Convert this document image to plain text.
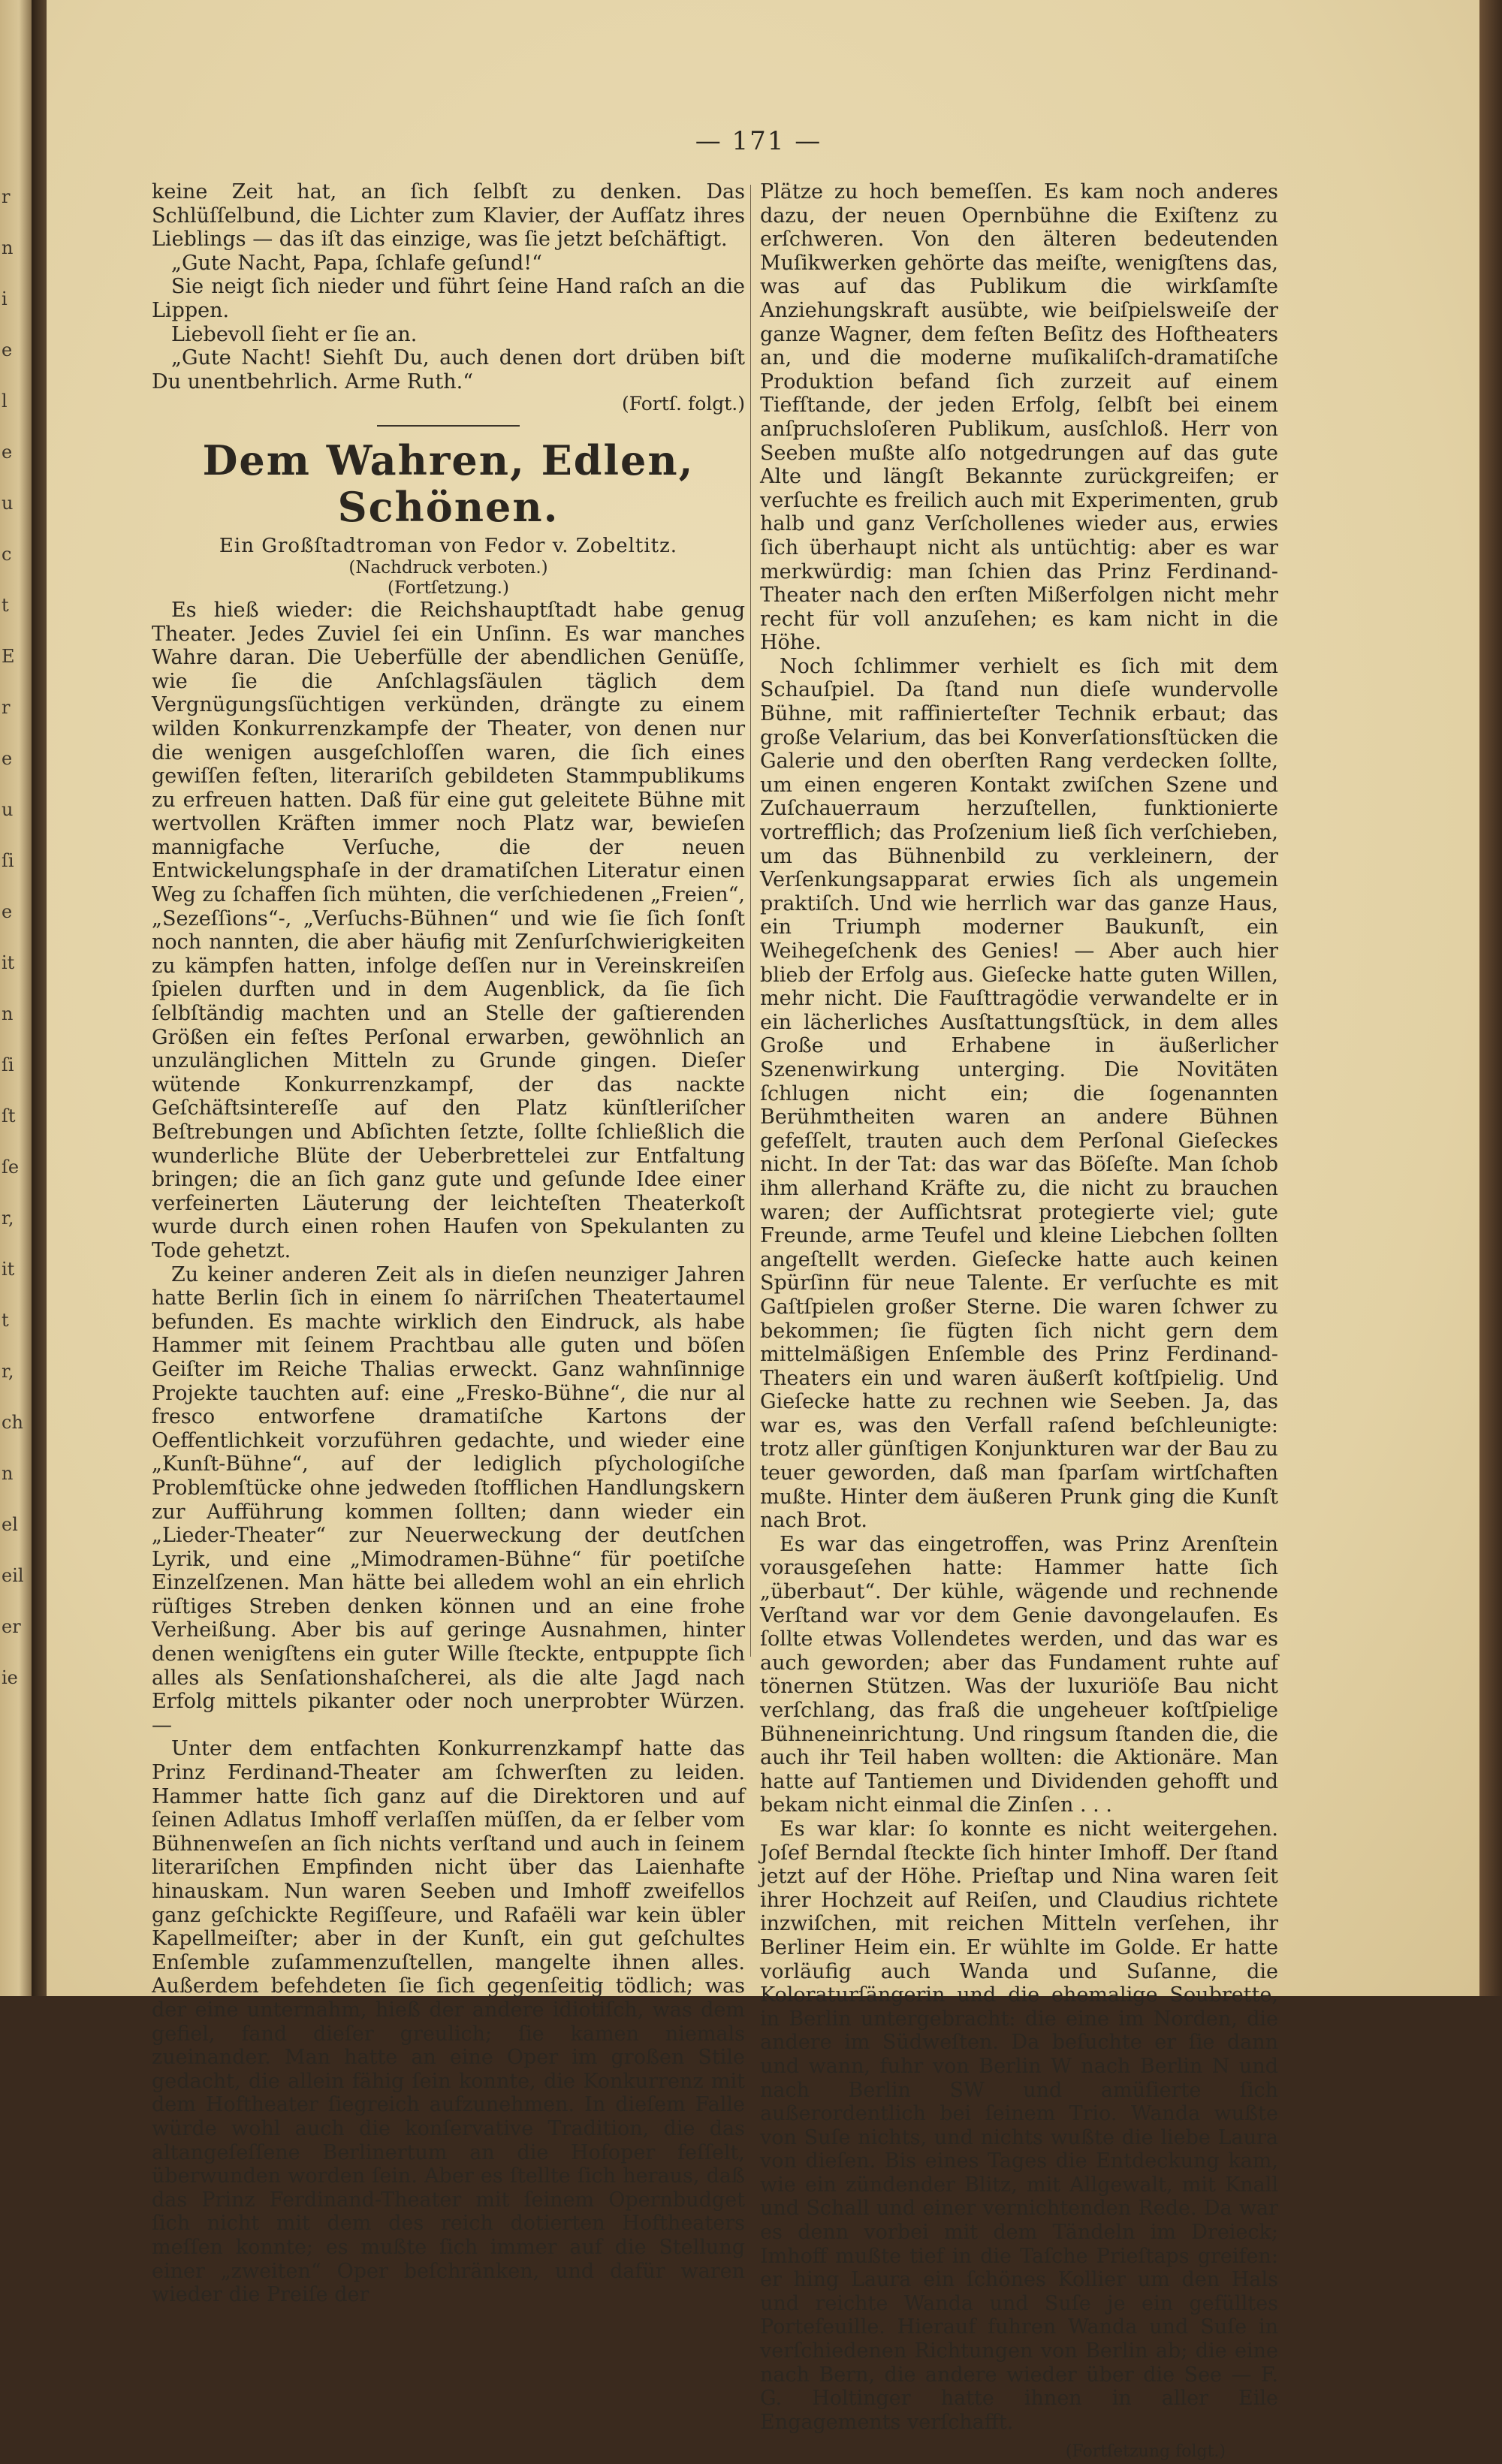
r
n
i
e
l
e
u
c
t
E
r
e
u
ſi
e
it
n
ſi
ſt
ſe
r,
it
t
r,
ch
n
el
eil
er
ie
— 171 —

keine Zeit hat, an ſich ſelbſt zu denken. Das Schlüſſelbund, die Lichter zum Klavier, der Aufſatz ihres Lieblings — das iſt das einzige, was ſie jetzt beſchäftigt.

„Gute Nacht, Papa, ſchlafe geſund!“

Sie neigt ſich nieder und führt ſeine Hand raſch an die Lippen.

Liebevoll ſieht er ſie an.

„Gute Nacht! Siehſt Du, auch denen dort drüben biſt Du unentbehrlich. Arme Ruth.“

(Fortſ. folgt.)
Dem Wahren, Edlen, Schönen.
Ein Großſtadtroman von Fedor v. Zobeltitz.
(Nachdruck verboten.)
(Fortſetzung.)

Es hieß wieder: die Reichshauptſtadt habe genug Theater. Jedes Zuviel ſei ein Unſinn. Es war manches Wahre daran. Die Ueberfülle der abendlichen Genüſſe, wie ſie die Anſchlagsſäulen täglich dem Vergnügungsſüchtigen verkünden, drängte zu einem wilden Konkurrenzkampfe der Theater, von denen nur die wenigen ausgeſchloſſen waren, die ſich eines gewiſſen feſten, literariſch gebildeten Stammpublikums zu erfreuen hatten. Daß für eine gut geleitete Bühne mit wertvollen Kräften immer noch Platz war, bewieſen mannigfache Verſuche, die der neuen Entwickelungsphaſe in der dramatiſchen Literatur einen Weg zu ſchaffen ſich mühten, die verſchiedenen „Freien“, „Sezeſſions“-, „Verſuchs-Bühnen“ und wie ſie ſich ſonſt noch nannten, die aber häufig mit Zenſurſchwierigkeiten zu kämpfen hatten, infolge deſſen nur in Vereinskreiſen ſpielen durften und in dem Augenblick, da ſie ſich ſelbſtändig machten und an Stelle der gaſtierenden Größen ein feſtes Perſonal erwarben, gewöhnlich an unzulänglichen Mitteln zu Grunde gingen. Dieſer wütende Konkurrenzkampf, der das nackte Geſchäftsintereſſe auf den Platz künſtleriſcher Beſtrebungen und Abſichten ſetzte, ſollte ſchließlich die wunderliche Blüte der Ueberbrettelei zur Entfaltung bringen; die an ſich ganz gute und geſunde Idee einer verfeinerten Läuterung der leichteſten Theaterkoſt wurde durch einen rohen Haufen von Spekulanten zu Tode gehetzt.

Zu keiner anderen Zeit als in dieſen neunziger Jahren hatte Berlin ſich in einem ſo närriſchen Theatertaumel befunden. Es machte wirklich den Eindruck, als habe Hammer mit ſeinem Prachtbau alle guten und böſen Geiſter im Reiche Thalias erweckt. Ganz wahnſinnige Projekte tauchten auf: eine „Fresko-Bühne“, die nur al fresco entworfene dramatiſche Kartons der Oeffentlichkeit vorzuführen gedachte, und wieder eine „Kunſt-Bühne“, auf der lediglich pſychologiſche Problemſtücke ohne jedweden ſtofflichen Handlungskern zur Aufführung kommen ſollten; dann wieder ein „Lieder-Theater“ zur Neuerweckung der deutſchen Lyrik, und eine „Mimodramen-Bühne“ für poetiſche Einzelſzenen. Man hätte bei alledem wohl an ein ehrlich rüſtiges Streben denken können und an eine frohe Verheißung. Aber bis auf geringe Ausnahmen, hinter denen wenigſtens ein guter Wille ſteckte, entpuppte ſich alles als Senſationshaſcherei, als die alte Jagd nach Erfolg mittels pikanter oder noch unerprobter Würzen. —

Unter dem entfachten Konkurrenzkampf hatte das Prinz Ferdinand-Theater am ſchwerſten zu leiden. Hammer hatte ſich ganz auf die Direktoren und auf ſeinen Adlatus Imhoff verlaſſen müſſen, da er ſelber vom Bühnenweſen an ſich nichts verſtand und auch in ſeinem literariſchen Empfinden nicht über das Laienhafte hinauskam. Nun waren Seeben und Imhoff zweifellos ganz geſchickte Regiſſeure, und Rafaëli war kein übler Kapellmeiſter; aber in der Kunſt, ein gut geſchultes Enſemble zuſammenzuſtellen, mangelte ihnen alles. Außerdem befehdeten ſie ſich gegenſeitig tödlich; was der eine unternahm, hieß der andere idiotiſch, was dem gefiel, fand dieſer greulich; ſie kamen niemals zueinander. Man hatte an eine Oper im großen Stile gedacht, die allein fähig ſein konnte, die Konkurrenz mit dem Hoftheater ſiegreich aufzunehmen. In dieſem Falle würde wohl auch die konſervative Tradition, die das altangeſeſſene Berlinertum an die Hofoper feſſelt, überwunden worden ſein. Aber es ſtellte ſich heraus, daß das Prinz Ferdinand-Theater mit ſeinem Opernbudget ſich nicht mit dem des reich dotierten Hoftheaters meſſen konnte; es mußte ſich immer auf die Stellung einer „zweiten“ Oper beſchränken, und dafür waren wieder die Preiſe der

Plätze zu hoch bemeſſen. Es kam noch anderes dazu, der neuen Opernbühne die Exiſtenz zu erſchweren. Von den älteren bedeutenden Muſikwerken gehörte das meiſte, wenigſtens das, was auf das Publikum die wirkſamſte Anziehungskraft ausübte, wie beiſpielsweiſe der ganze Wagner, dem feſten Beſitz des Hoftheaters an, und die moderne muſikaliſch-dramatiſche Produktion befand ſich zurzeit auf einem Tiefſtande, der jeden Erfolg, ſelbſt bei einem anſpruchsloſeren Publikum, ausſchloß. Herr von Seeben mußte alſo notgedrungen auf das gute Alte und längſt Bekannte zurückgreifen; er verſuchte es freilich auch mit Experimenten, grub halb und ganz Verſchollenes wieder aus, erwies ſich überhaupt nicht als untüchtig: aber es war merkwürdig: man ſchien das Prinz Ferdinand-Theater nach den erſten Mißerfolgen nicht mehr recht für voll anzuſehen; es kam nicht in die Höhe.

Noch ſchlimmer verhielt es ſich mit dem Schauſpiel. Da ſtand nun dieſe wundervolle Bühne, mit raffinierteſter Technik erbaut; das große Velarium, das bei Konverſationsſtücken die Galerie und den oberſten Rang verdecken ſollte, um einen engeren Kontakt zwiſchen Szene und Zuſchauerraum herzuſtellen, funktionierte vortrefflich; das Proſzenium ließ ſich verſchieben, um das Bühnenbild zu verkleinern, der Verſenkungsapparat erwies ſich als ungemein praktiſch. Und wie herrlich war das ganze Haus, ein Triumph moderner Baukunſt, ein Weihegeſchenk des Genies! — Aber auch hier blieb der Erfolg aus. Gieſecke hatte guten Willen, mehr nicht. Die Fauſttragödie verwandelte er in ein lächerliches Ausſtattungsſtück, in dem alles Große und Erhabene in äußerlicher Szenenwirkung unterging. Die Novitäten ſchlugen nicht ein; die ſogenannten Berühmtheiten waren an andere Bühnen gefeſſelt, trauten auch dem Perſonal Gieſeckes nicht. In der Tat: das war das Böſeſte. Man ſchob ihm allerhand Kräfte zu, die nicht zu brauchen waren; der Aufſichtsrat protegierte viel; gute Freunde, arme Teufel und kleine Liebchen ſollten angeſtellt werden. Gieſecke hatte auch keinen Spürſinn für neue Talente. Er verſuchte es mit Gaſtſpielen großer Sterne. Die waren ſchwer zu bekommen; ſie fügten ſich nicht gern dem mittelmäßigen Enſemble des Prinz Ferdinand-Theaters ein und waren äußerſt koſtſpielig. Und Gieſecke hatte zu rechnen wie Seeben. Ja, das war es, was den Verfall raſend beſchleunigte: trotz aller günſtigen Konjunkturen war der Bau zu teuer geworden, daß man ſparſam wirtſchaften mußte. Hinter dem äußeren Prunk ging die Kunſt nach Brot.

Es war das eingetroffen, was Prinz Arenſtein vorausgeſehen hatte: Hammer hatte ſich „überbaut“. Der kühle, wägende und rechnende Verſtand war vor dem Genie davongelaufen. Es ſollte etwas Vollendetes werden, und das war es auch geworden; aber das Fundament ruhte auf tönernen Stützen. Was der luxuriöſe Bau nicht verſchlang, das fraß die ungeheuer koſtſpielige Bühneneinrichtung. Und ringsum ſtanden die, die auch ihr Teil haben wollten: die Aktionäre. Man hatte auf Tantiemen und Dividenden gehofft und bekam nicht einmal die Zinſen . . .

Es war klar: ſo konnte es nicht weitergehen. Joſef Berndal ſteckte ſich hinter Imhoff. Der ſtand jetzt auf der Höhe. Prieſtap und Nina waren ſeit ihrer Hochzeit auf Reiſen, und Claudius richtete inzwiſchen, mit reichen Mitteln verſehen, ihr Berliner Heim ein. Er wühlte im Golde. Er hatte vorläufig auch Wanda und Suſanne, die Koloraturſängerin und die ehemalige Soubrette, in Berlin untergebracht: die eine im Norden, die andere im Südweſten. Da beſuchte er ſie dann und wann, fuhr von Berlin W nach Berlin N und nach Berlin SW und amüſierte ſich außerordentlich bei ſeinem Trio. Wanda wußte von Suſe nichts, und nichts wußte die liebe Laura von dieſen. Bis eines Tages die Entdeckung kam, wie ein zündender Blitz, mit Allgewalt, mit Knall und Schall und einer vernichtenden Rede. Da war es denn vorbei mit dem Tändeln im Dreieck; Imhoff mußte tief in die Taſche Prieſtaps greifen: er hing Laura ein ſchönes Kollier um den Hals und reichte Wanda und Suſe je ein gefülltes Portefeuille. Hierauf fuhren Wanda und Suſe in verſchiedenen Richtungen von Berlin ab; die eine nach Bern, die andere wieder über die See — F. G. Holtinger hatte ihnen in aller Eile Engagements verſchafft.

(Fortſetzung folgt.)
